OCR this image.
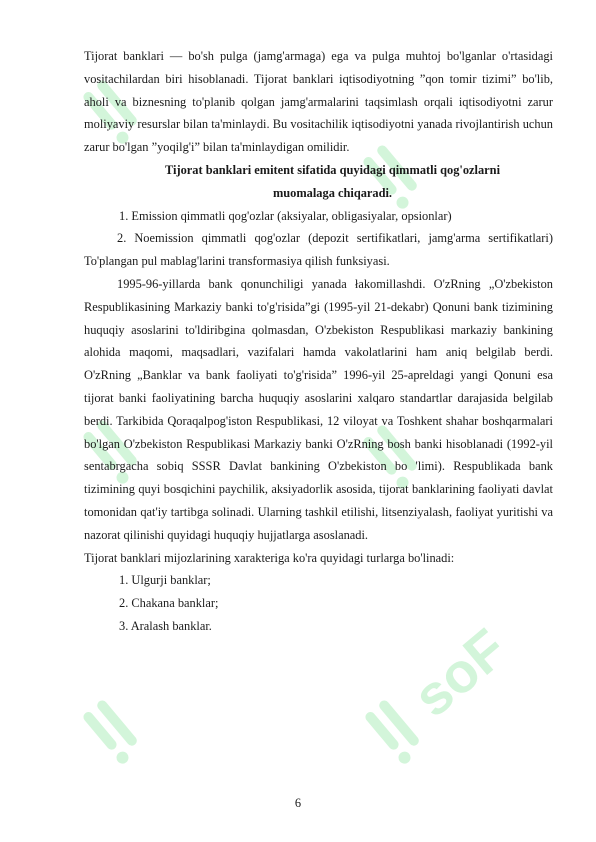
soF

Tijorat banklari — bo'sh pulga (jamg'armaga) ega va pulga muhtoj bo'lganlar o'rtasidagi vositachilardan biri hisoblanadi. Tijorat banklari iqtisodiyotning ”qon tomir tizimi” bo'lib, aholi va biznesning to'planib qolgan jamg'armalarini taqsimlash orqali iqtisodiyotni zarur moliyaviy resurslar bilan ta'minlaydi. Bu vositachilik iqtisodiyotni yanada rivojlantirish uchun zarur bo'lgan ”yoqilg'i” bilan ta'minlaydigan omilidir.

Tijorat banklari emitent sifatida quyidagi qimmatli qog'ozlarni

muomalaga chiqaradi.

1. Emission qimmatli qog'ozlar (aksiyalar, obligasiyalar, opsionlar)

2. Noemission qimmatli qog'ozlar (depozit sertifikatlari, jamg'arma sertifikatlari) To'plangan pul mablag'larini transformasiya qilish funksiyasi.

1995-96-yillarda bank qonunchiligi yanada łakomillashdi. O'zRning „O'zbekiston Respublikasining Markaziy banki to'g'risida”gi (1995-yil 21-dekabr) Qonuni bank tizimining huquqiy asoslarini to'ldiribgina qolmasdan, O'zbekiston Respublikasi markaziy bankining alohida maqomi, maqsadlari, vazifalari hamda vakolatlarini ham aniq belgilab berdi. O'zRning „Banklar va bank faoliyati to'g'risida” 1996-yil 25-apreldagi yangi Qonuni esa tijorat banki faoliyatining barcha huquqiy asoslarini xalqaro standartlar darajasida belgilab berdi. Tarkibida Qoraqalpog'iston Respublikasi, 12 viloyat va Toshkent shahar boshqarmalari bo'lgan O'zbekiston Respublikasi Markaziy banki O'zRning bosh banki hisoblanadi (1992-yil sentabrgacha sobiq SSSR Davlat bankining O'zbekiston bo 'limi). Respublikada bank tizimining quyi bosqichini paychilik, aksiyadorlik asosida, tijorat banklarining faoliyati davlat tomonidan qat'iy tartibga solinadi. Ularning tashkil etilishi, litsenziyalash, faoliyat yuritishi va nazorat qilinishi quyidagi huquqiy hujjatlarga asoslanadi.

Tijorat banklari mijozlarining xarakteriga ko'ra quyidagi turlarga bo'linadi:

1. Ulgurji banklar;

2. Chakana banklar;

3. Aralash banklar.

6
